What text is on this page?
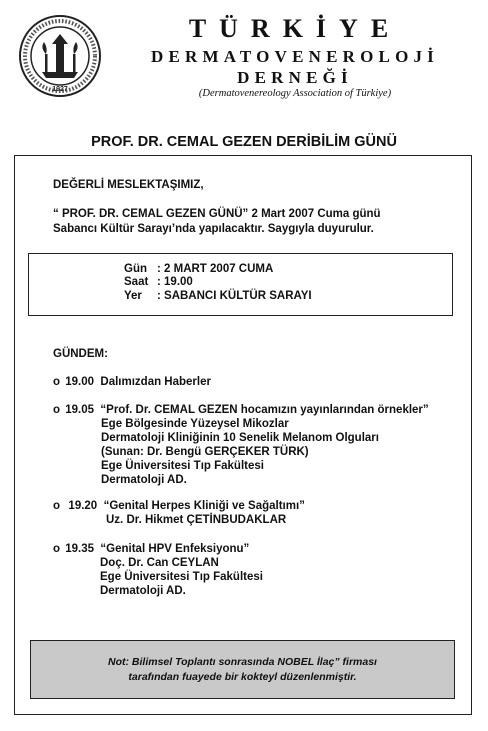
1927
TÜRKİYE
DERMATOVENEROLOJİ
DERNEĞİ
(Dermatovenereology Association of Türkiye)
PROF. DR. CEMAL GEZEN DERİBİLİM GÜNÜ
DEĞERLİ MESLEKTAŞIMIZ,
“ PROF. DR. CEMAL GEZEN GÜNÜ” 2 Mart 2007 Cuma günü
Sabancı Kültür Sarayı’nda yapılacaktır. Saygıyla duyurulur.
Gün : 2 MART 2007 CUMA
Saat : 19.00
Yer : SABANCI KÜLTÜR SARAYI
GÜNDEM:
o 19.00 Dalımızdan Haberler
o 19.05 “Prof. Dr. CEMAL GEZEN hocamızın yayınlarından örnekler”
Ege Bölgesinde Yüzeysel Mikozlar
Dermatoloji Kliniğinin 10 Senelik Melanom Olguları
(Sunan: Dr. Bengü GERÇEKER TÜRK)
Ege Üniversitesi Tıp Fakültesi
Dermatoloji AD.
o 19.20 “Genital Herpes Kliniği ve Sağaltımı”
Uz. Dr. Hikmet ÇETİNBUDAKLAR
o 19.35 “Genital HPV Enfeksiyonu”
Doç. Dr. Can CEYLAN
Ege Üniversitesi Tıp Fakültesi
Dermatoloji AD.
Not: Bilimsel Toplantı sonrasında NOBEL İlaç” firması
tarafından fuayede bir kokteyl düzenlenmiştir.
